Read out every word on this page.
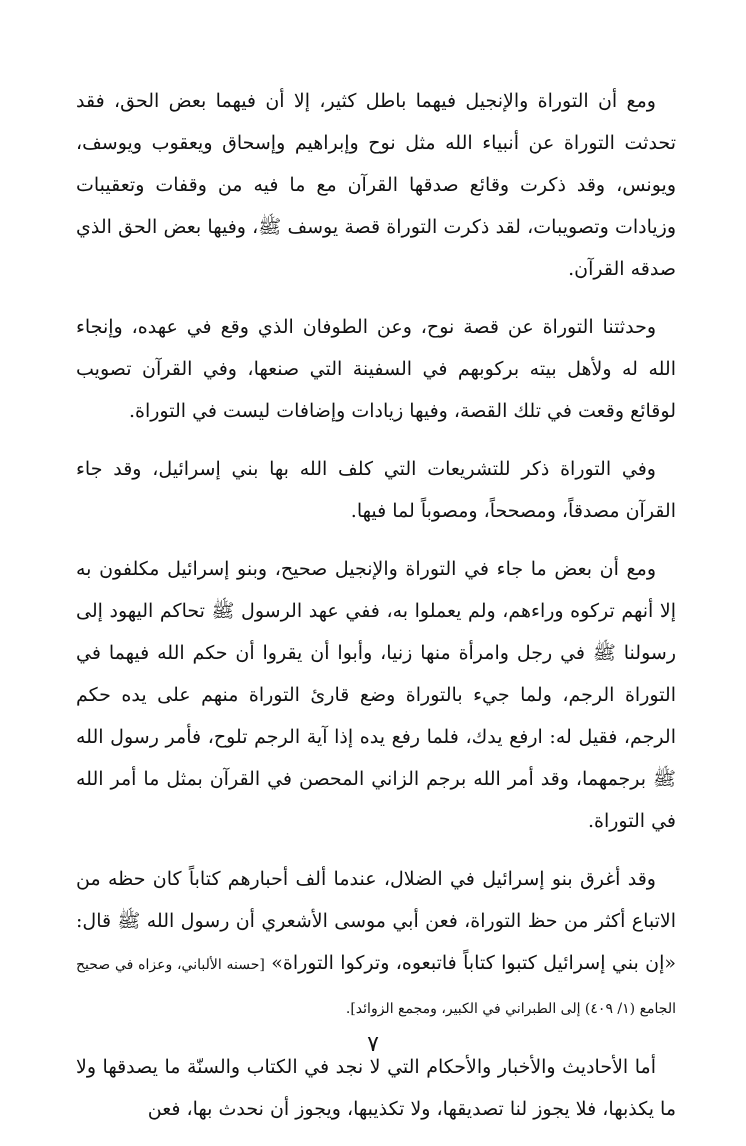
ومع أن التوراة والإنجيل فيهما باطل كثير، إلا أن فيهما بعض الحق، فقد تحدثت التوراة عن أنبياء الله مثل نوح وإبراهيم وإسحاق ويعقوب ويوسف، ويونس، وقد ذكرت وقائع صدقها القرآن مع ما فيه من وقفات وتعقيبات وزيادات وتصويبات، لقد ذكرت التوراة قصة يوسف ﷺ، وفيها بعض الحق الذي صدقه القرآن.

وحدثتنا التوراة عن قصة نوح، وعن الطوفان الذي وقع في عهده، وإنجاء الله له ولأهل بيته بركوبهم في السفينة التي صنعها، وفي القرآن تصويب لوقائع وقعت في تلك القصة، وفيها زيادات وإضافات ليست في التوراة.

وفي التوراة ذكر للتشريعات التي كلف الله بها بني إسرائيل، وقد جاء القرآن مصدقاً، ومصححاً، ومصوباً لما فيها.

ومع أن بعض ما جاء في التوراة والإنجيل صحيح، وبنو إسرائيل مكلفون به إلا أنهم تركوه وراءهم، ولم يعملوا به، ففي عهد الرسول ﷺ تحاكم اليهود إلى رسولنا ﷺ في رجل وامرأة منها زنيا، وأبوا أن يقروا أن حكم الله فيهما في التوراة الرجم، ولما جيء بالتوراة وضع قارئ التوراة منهم على يده حكم الرجم، فقيل له: ارفع يدك، فلما رفع يده إذا آية الرجم تلوح، فأمر رسول الله ﷺ برجمهما، وقد أمر الله برجم الزاني المحصن في القرآن بمثل ما أمر الله في التوراة.

وقد أغرق بنو إسرائيل في الضلال، عندما ألف أحبارهم كتاباً كان حظه من الاتباع أكثر من حظ التوراة، فعن أبي موسى الأشعري أن رسول الله ﷺ قال: «إن بني إسرائيل كتبوا كتاباً فاتبعوه، وتركوا التوراة» [حسنه الألباني، وعزاه في صحيح الجامع (١/ ٤٠٩) إلى الطبراني في الكبير، ومجمع الزوائد].

أما الأحاديث والأخبار والأحكام التي لا نجد في الكتاب والسنّة ما يصدقها ولا ما يكذبها، فلا يجوز لنا تصديقها، ولا تكذيبها، ويجوز أن نحدث بها، فعن

٧
